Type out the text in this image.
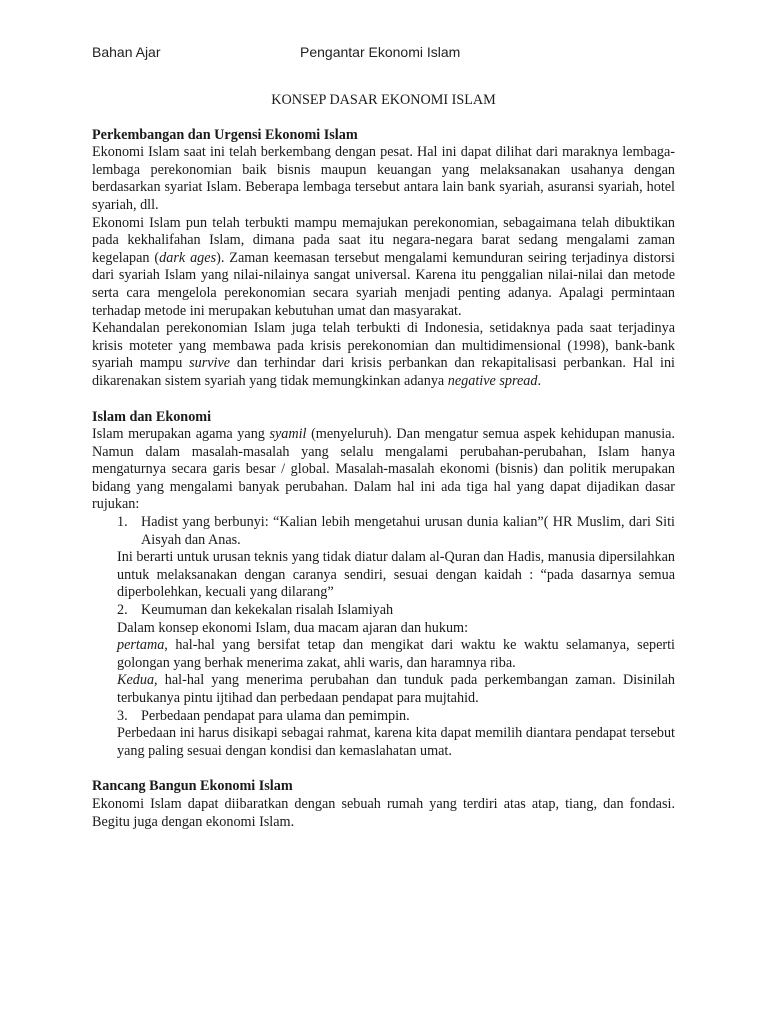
Bahan Ajar	Pengantar Ekonomi Islam
KONSEP DASAR EKONOMI ISLAM
Perkembangan dan Urgensi Ekonomi Islam

Ekonomi Islam saat ini telah berkembang dengan pesat. Hal ini dapat dilihat dari maraknya lembaga-lembaga perekonomian baik bisnis maupun keuangan yang melaksanakan usahanya dengan berdasarkan syariat Islam. Beberapa lembaga tersebut antara lain bank syariah, asuransi syariah, hotel syariah, dll.

Ekonomi Islam pun telah terbukti mampu memajukan perekonomian, sebagaimana telah dibuktikan pada kekhalifahan Islam, dimana pada saat itu negara-negara barat sedang mengalami zaman kegelapan (dark ages). Zaman keemasan tersebut mengalami kemunduran seiring terjadinya distorsi dari syariah Islam yang nilai-nilainya sangat universal. Karena itu penggalian nilai-nilai dan metode serta cara mengelola perekonomian secara syariah menjadi penting adanya. Apalagi permintaan terhadap metode ini merupakan kebutuhan umat dan masyarakat.

Kehandalan perekonomian Islam juga telah terbukti di Indonesia, setidaknya pada saat terjadinya krisis moteter yang membawa pada krisis perekonomian dan multidimensional (1998), bank-bank syariah mampu survive dan terhindar dari krisis perbankan dan rekapitalisasi perbankan. Hal ini dikarenakan sistem syariah yang tidak memungkinkan adanya negative spread.

Islam dan Ekonomi

Islam merupakan agama yang syamil (menyeluruh). Dan mengatur semua aspek kehidupan manusia. Namun dalam masalah-masalah yang selalu mengalami perubahan-perubahan, Islam hanya mengaturnya secara garis besar / global. Masalah-masalah ekonomi (bisnis) dan politik merupakan bidang yang mengalami banyak perubahan. Dalam hal ini ada tiga hal yang dapat dijadikan dasar rujukan:

1. Hadist yang berbunyi: “Kalian lebih mengetahui urusan dunia kalian”( HR Muslim, dari Siti Aisyah dan Anas.

Ini berarti untuk urusan teknis yang tidak diatur dalam al-Quran dan Hadis, manusia dipersilahkan untuk melaksanakan dengan caranya sendiri, sesuai dengan kaidah : “pada dasarnya semua diperbolehkan, kecuali yang dilarang”

2. Keumuman dan kekekalan risalah Islamiyah

Dalam konsep ekonomi Islam, dua macam ajaran dan hukum:

pertama, hal-hal yang bersifat tetap dan mengikat dari waktu ke waktu selamanya, seperti golongan yang berhak menerima zakat, ahli waris, dan haramnya riba.

Kedua, hal-hal yang menerima perubahan dan tunduk pada perkembangan zaman. Disinilah terbukanya pintu ijtihad dan perbedaan pendapat para mujtahid.

3. Perbedaan pendapat para ulama dan pemimpin.

Perbedaan ini harus disikapi sebagai rahmat, karena kita dapat memilih diantara pendapat tersebut yang paling sesuai dengan kondisi dan kemaslahatan umat.

Rancang Bangun Ekonomi Islam

Ekonomi Islam dapat diibaratkan dengan sebuah rumah yang terdiri atas atap, tiang, dan fondasi. Begitu juga dengan ekonomi Islam.
